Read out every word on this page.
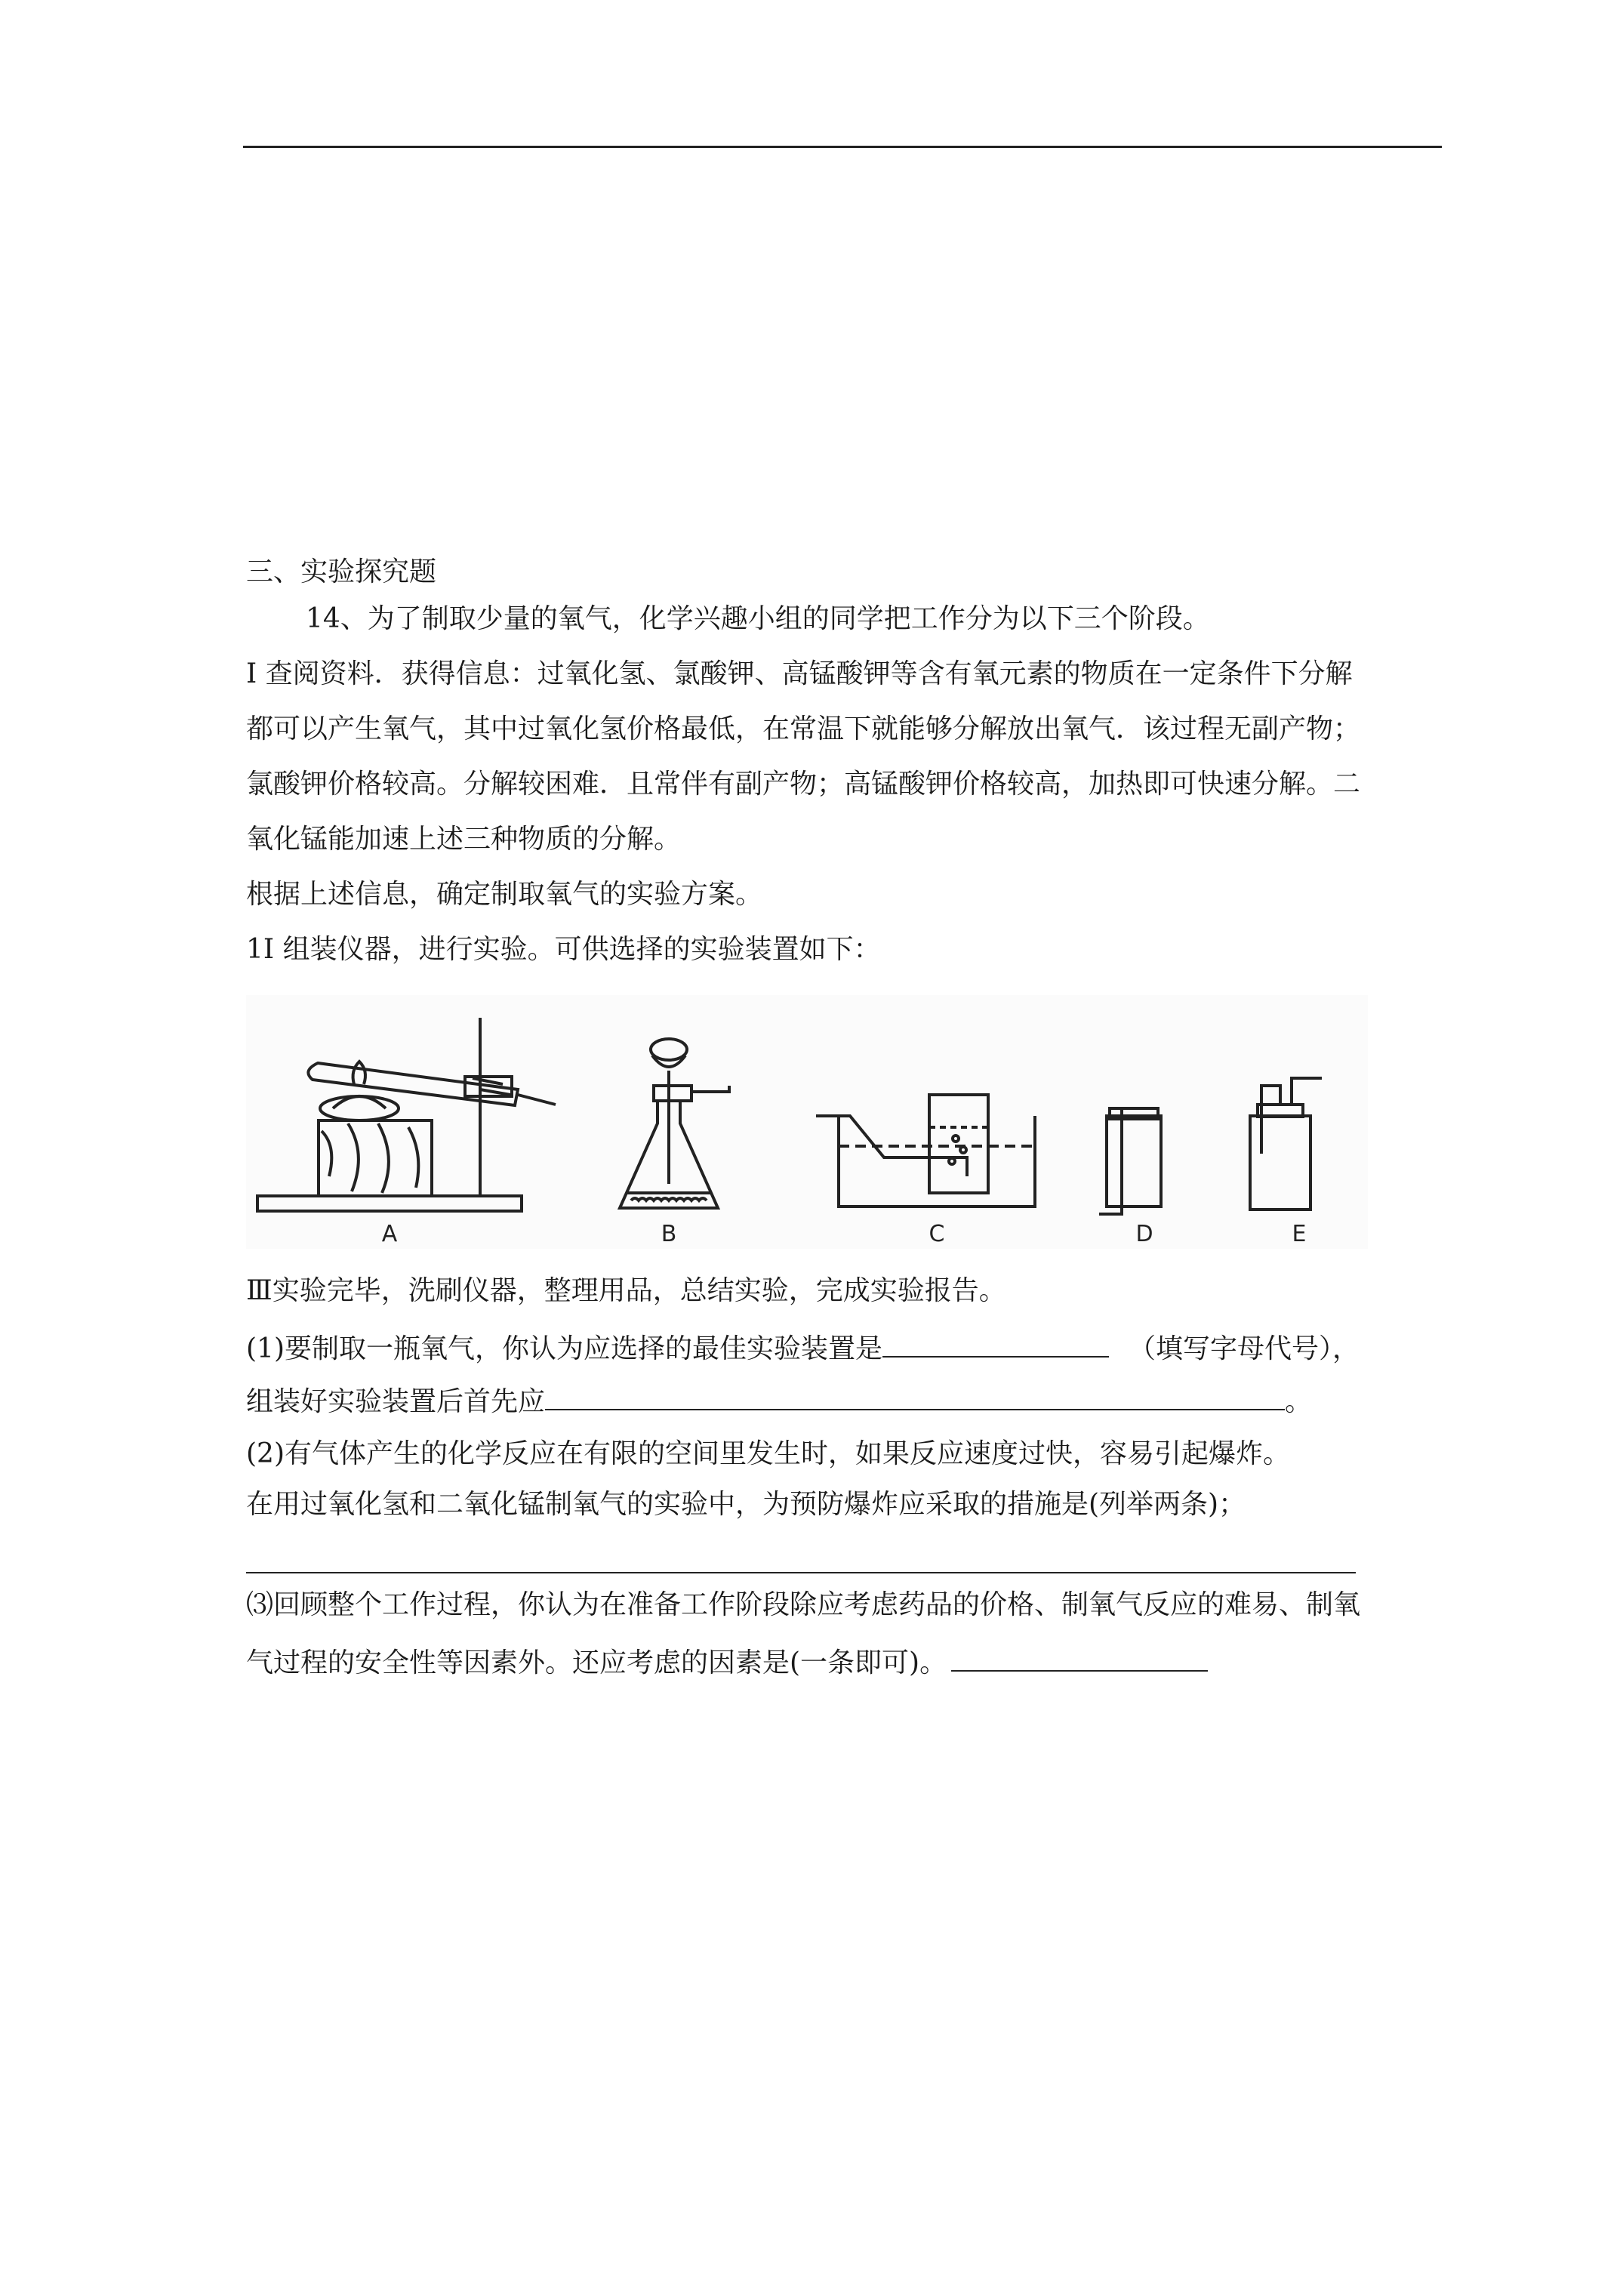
三、实验探究题
14、为了制取少量的氧气，化学兴趣小组的同学把工作分为以下三个阶段。
I 查阅资料．获得信息：过氧化氢、氯酸钾、高锰酸钾等含有氧元素的物质在一定条件下分解
都可以产生氧气，其中过氧化氢价格最低，在常温下就能够分解放出氧气．该过程无副产物；
氯酸钾价格较高。分解较困难．且常伴有副产物；高锰酸钾价格较高，加热即可快速分解。二
氧化锰能加速上述三种物质的分解。
根据上述信息，确定制取氧气的实验方案。
1I 组装仪器，进行实验。可供选择的实验装置如下：
A	B	C	D	E
Ⅲ实验完毕，洗刷仪器，整理用品，总结实验，完成实验报告。
(1)要制取一瓶氧气，你认为应选择的最佳实验装置是	（填写字母代号），
组装好实验装置后首先应	。
(2)有气体产生的化学反应在有限的空间里发生时，如果反应速度过快，容易引起爆炸。
在用过氧化氢和二氧化锰制氧气的实验中，为预防爆炸应采取的措施是(列举两条)；
⑶回顾整个工作过程，你认为在准备工作阶段除应考虑药品的价格、制氧气反应的难易、制氧
气过程的安全性等因素外。还应考虑的因素是(一条即可)。
